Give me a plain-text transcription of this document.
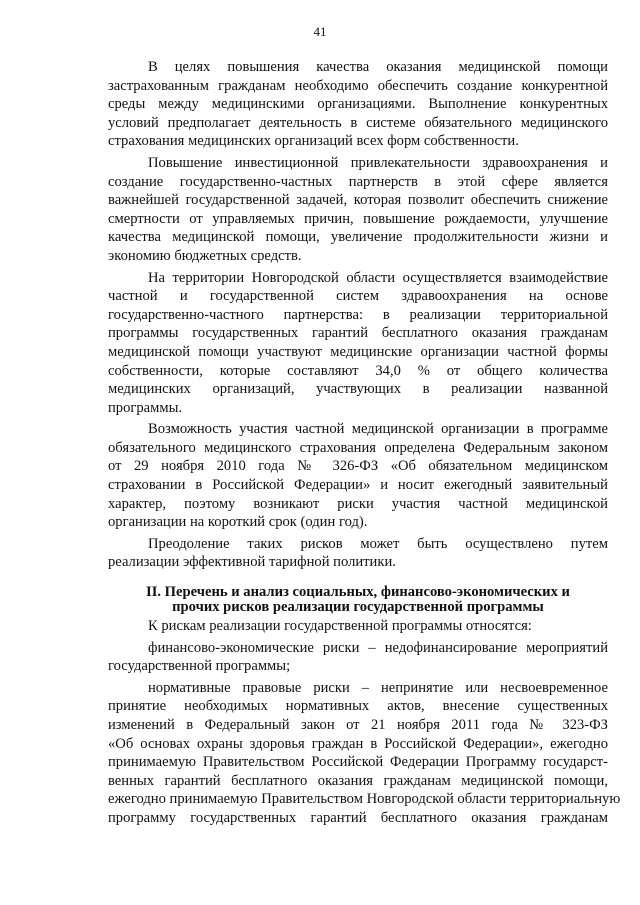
41
В целях повышения качества оказания медицинской помощи
застрахованным гражданам необходимо обеспечить создание конкурентной
среды между медицинскими организациями. Выполнение конкурентных
условий предполагает деятельность в системе обязательного медицинского
страхования медицинских организаций всех форм собственности.
Повышение инвестиционной привлекательности здравоохранения и
создание государственно-частных партнерств в этой сфере является
важнейшей государственной задачей, которая позволит обеспечить снижение
смертности от управляемых причин, повышение рождаемости, улучшение
качества медицинской помощи, увеличение продолжительности жизни и
экономию бюджетных средств.
На территории Новгородской области осуществляется взаимодействие
частной и государственной систем здравоохранения на основе
государственно-частного партнерства: в реализации территориальной
программы государственных гарантий бесплатного оказания гражданам
медицинской помощи участвуют медицинские организации частной формы
собственности, которые составляют 34,0 % от общего количества
медицинских организаций, участвующих в реализации названной
программы.
Возможность участия частной медицинской организации в программе
обязательного медицинского страхования определена Федеральным законом
от 29 ноября 2010 года № 326-ФЗ «Об обязательном медицинском
страховании в Российской Федерации» и носит ежегодный заявительный
характер, поэтому возникают риски участия частной медицинской
организации на короткий срок (один год).
Преодоление таких рисков может быть осуществлено путем
реализации эффективной тарифной политики.
II. Перечень и анализ социальных, финансово-экономических и
прочих рисков реализации государственной программы
К рискам реализации государственной программы относятся:
финансово-экономические риски – недофинансирование мероприятий
государственной программы;
нормативные правовые риски – непринятие или несвоевременное
принятие необходимых нормативных актов, внесение существенных
изменений в Федеральный закон от 21 ноября 2011 года № 323-ФЗ
«Об основах охраны здоровья граждан в Российской Федерации», ежегодно
принимаемую Правительством Российской Федерации Программу государст-
венных гарантий бесплатного оказания гражданам медицинской помощи,
ежегодно принимаемую Правительством Новгородской области территориальную
программу государственных гарантий бесплатного оказания гражданам
